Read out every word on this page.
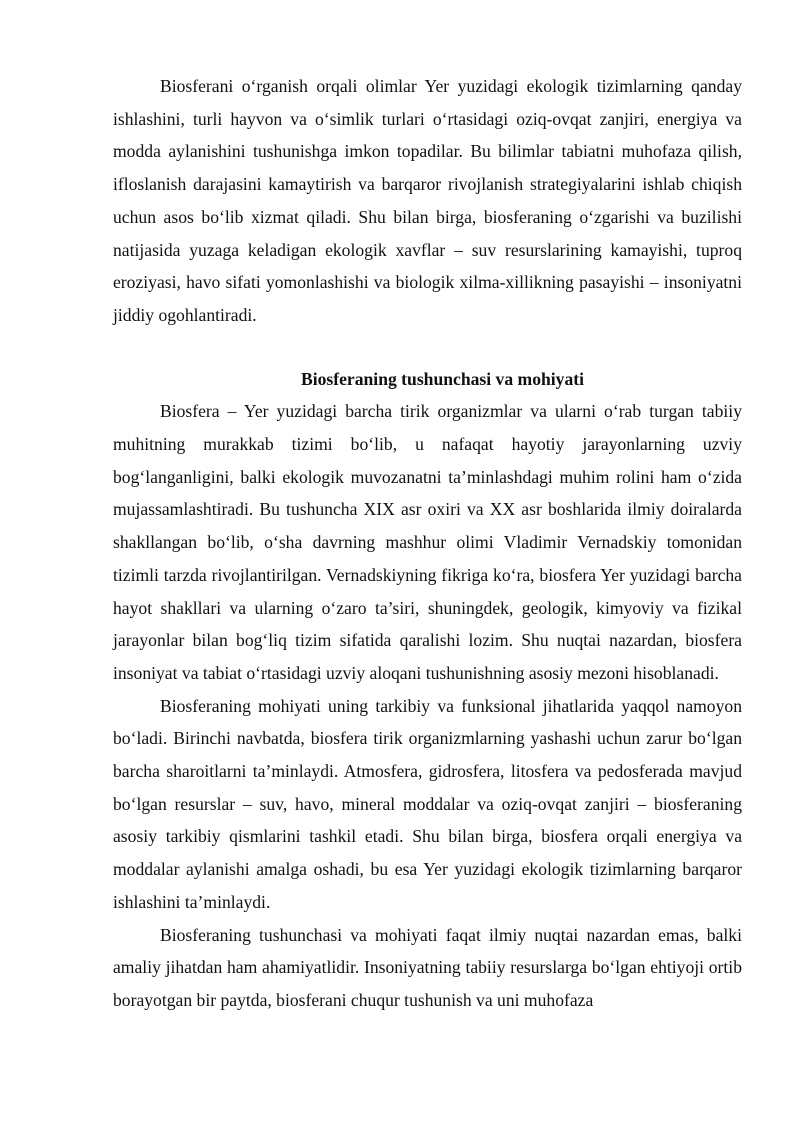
Biosferani o‘rganish orqali olimlar Yer yuzidagi ekologik tizimlarning qanday ishlashini, turli hayvon va o‘simlik turlari o‘rtasidagi oziq-ovqat zanjiri, energiya va modda aylanishini tushunishga imkon topadilar. Bu bilimlar tabiatni muhofaza qilish, ifloslanish darajasini kamaytirish va barqaror rivojlanish strategiyalarini ishlab chiqish uchun asos bo‘lib xizmat qiladi. Shu bilan birga, biosferaning o‘zgarishi va buzilishi natijasida yuzaga keladigan ekologik xavflar – suv resurslarining kamayishi, tuproq eroziyasi, havo sifati yomonlashishi va biologik xilma-xillikning pasayishi – insoniyatni jiddiy ogohlantiradi.

Biosferaning tushunchasi va mohiyati

Biosfera – Yer yuzidagi barcha tirik organizmlar va ularni o‘rab turgan tabiiy muhitning murakkab tizimi bo‘lib, u nafaqat hayotiy jarayonlarning uzviy bog‘langanligini, balki ekologik muvozanatni ta’minlashdagi muhim rolini ham o‘zida mujassamlashtiradi. Bu tushuncha XIX asr oxiri va XX asr boshlarida ilmiy doiralarda shakllangan bo‘lib, o‘sha davrning mashhur olimi Vladimir Vernadskiy tomonidan tizimli tarzda rivojlantirilgan. Vernadskiyning fikriga ko‘ra, biosfera Yer yuzidagi barcha hayot shakllari va ularning o‘zaro ta’siri, shuningdek, geologik, kimyoviy va fizikal jarayonlar bilan bog‘liq tizim sifatida qaralishi lozim. Shu nuqtai nazardan, biosfera insoniyat va tabiat o‘rtasidagi uzviy aloqani tushunishning asosiy mezoni hisoblanadi.

Biosferaning mohiyati uning tarkibiy va funksional jihatlarida yaqqol namoyon bo‘ladi. Birinchi navbatda, biosfera tirik organizmlarning yashashi uchun zarur bo‘lgan barcha sharoitlarni ta’minlaydi. Atmosfera, gidrosfera, litosfera va pedosferada mavjud bo‘lgan resurslar – suv, havo, mineral moddalar va oziq-ovqat zanjiri – biosferaning asosiy tarkibiy qismlarini tashkil etadi. Shu bilan birga, biosfera orqali energiya va moddalar aylanishi amalga oshadi, bu esa Yer yuzidagi ekologik tizimlarning barqaror ishlashini ta’minlaydi.

Biosferaning tushunchasi va mohiyati faqat ilmiy nuqtai nazardan emas, balki amaliy jihatdan ham ahamiyatlidir. Insoniyatning tabiiy resurslarga bo‘lgan ehtiyoji ortib borayotgan bir paytda, biosferani chuqur tushunish va uni muhofaza
